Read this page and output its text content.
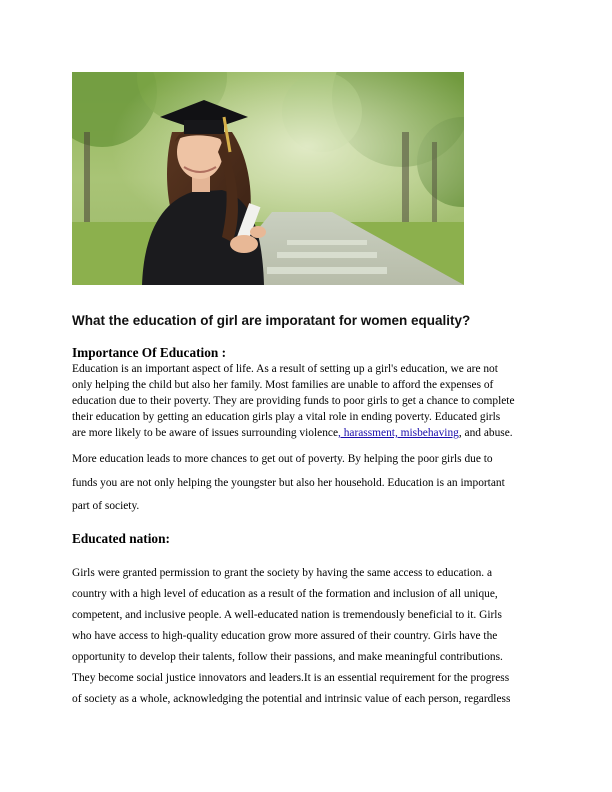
What the education of girl are imporatant for women equality?
Importance Of Education :
Education is an important aspect of life. As a result of setting up a girl's education, we are not
only helping the child but also her family. Most families are unable to afford the expenses of
education due to their poverty. They are providing funds to poor girls to get a chance to complete
their education by getting an education girls play a vital role in ending poverty. Educated girls
are more likely to be aware of issues surrounding violence, harassment, misbehaving, and abuse.
More education leads to more chances to get out of poverty. By helping the poor girls due to
funds you are not only helping the youngster but also her household. Education is an important
part of society.
Educated nation:
Girls were granted permission to grant the society by having the same access to education. a
country with a high level of education as a result of the formation and inclusion of all unique,
competent, and inclusive people. A well-educated nation is tremendously beneficial to it. Girls
who have access to high-quality education grow more assured of their country. Girls have the
opportunity to develop their talents, follow their passions, and make meaningful contributions.
They become social justice innovators and leaders.It is an essential requirement for the progress
of society as a whole, acknowledging the potential and intrinsic value of each person, regardless
